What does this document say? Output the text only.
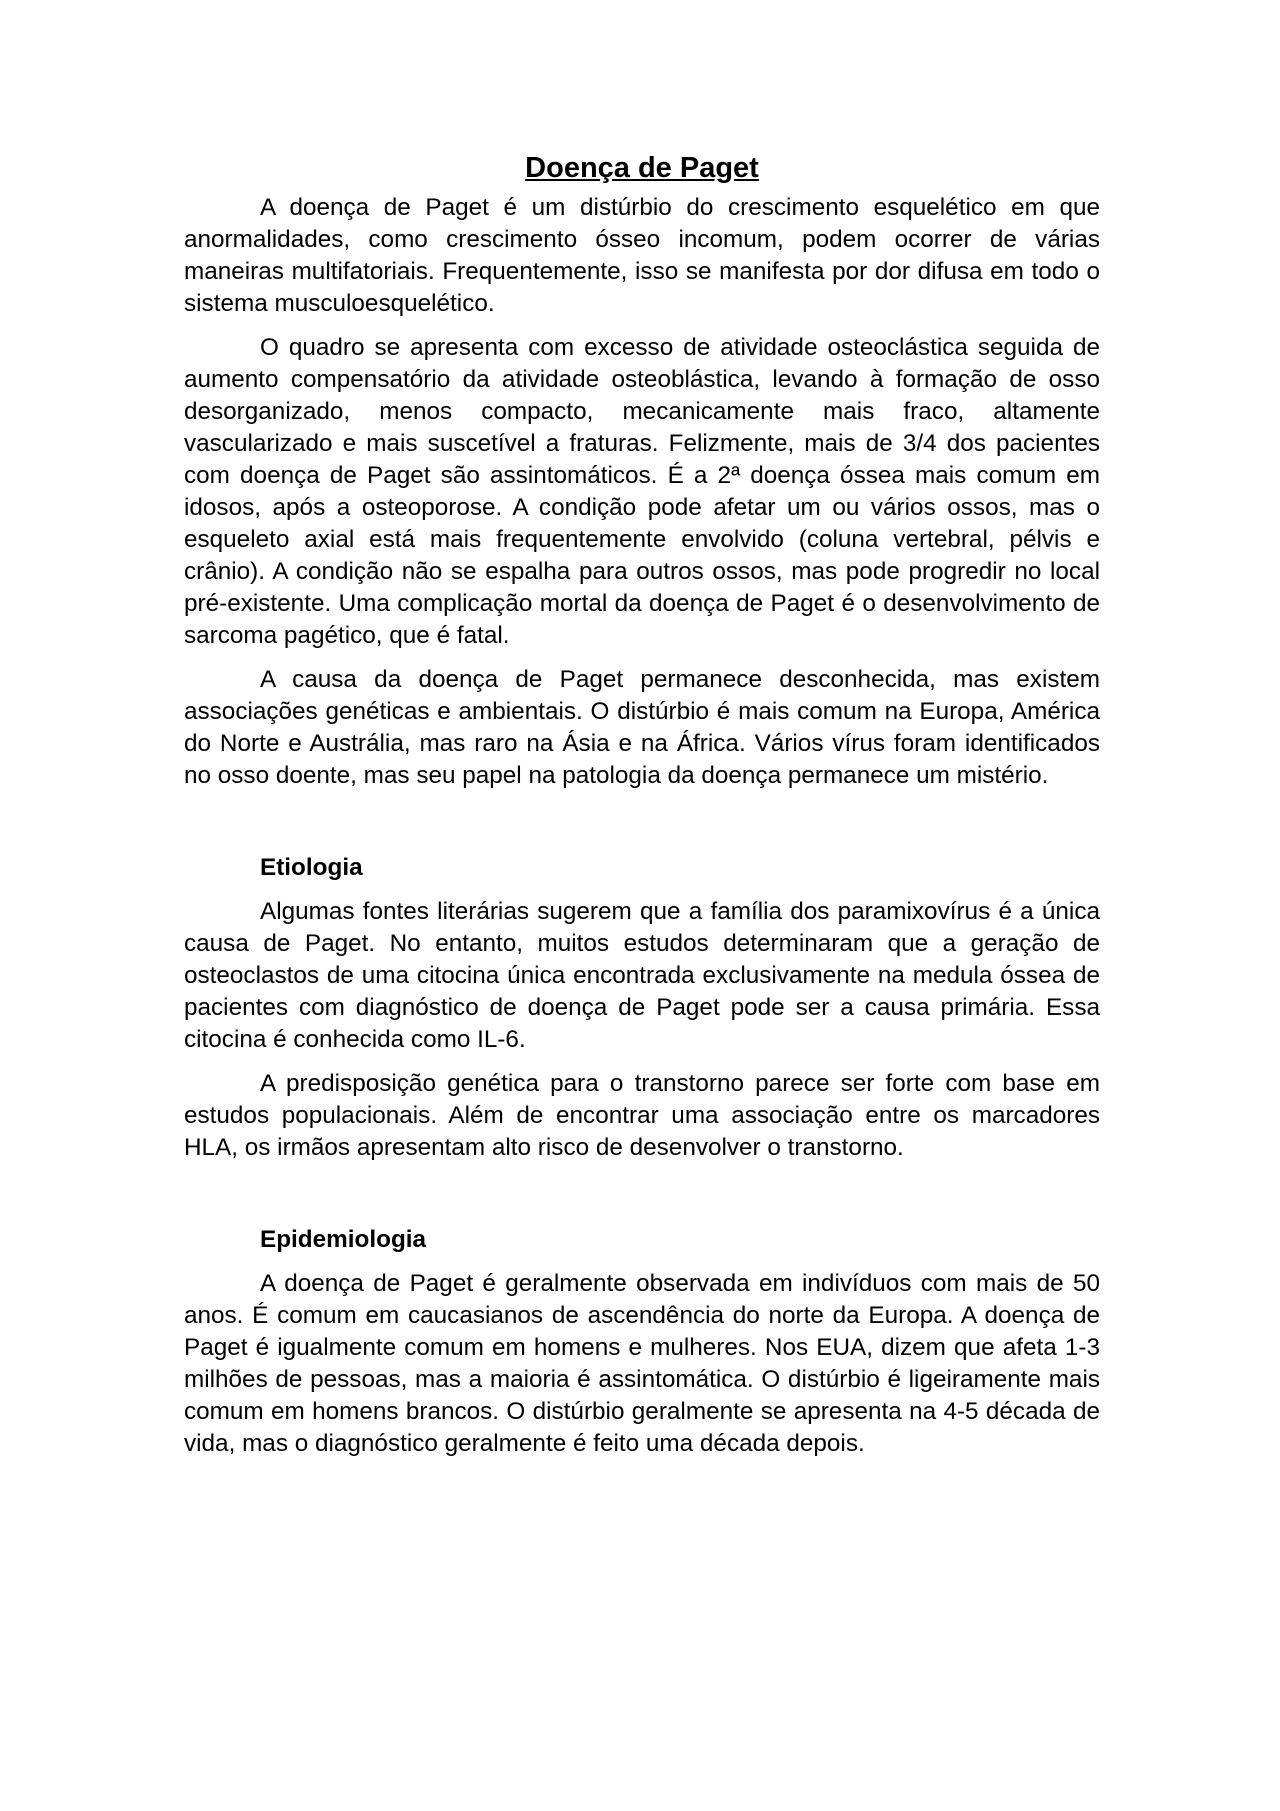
Doença de Paget

A doença de Paget é um distúrbio do crescimento esquelético em que anormalidades, como crescimento ósseo incomum, podem ocorrer de várias maneiras multifatoriais. Frequentemente, isso se manifesta por dor difusa em todo o sistema musculoesquelético.

O quadro se apresenta com excesso de atividade osteoclástica seguida de aumento compensatório da atividade osteoblástica, levando à formação de osso desorganizado, menos compacto, mecanicamente mais fraco, altamente vascularizado e mais suscetível a fraturas. Felizmente, mais de 3/4 dos pacientes com doença de Paget são assintomáticos. É a 2ª doença óssea mais comum em idosos, após a osteoporose. A condição pode afetar um ou vários ossos, mas o esqueleto axial está mais frequentemente envolvido (coluna vertebral, pélvis e crânio). A condição não se espalha para outros ossos, mas pode progredir no local pré-existente. Uma complicação mortal da doença de Paget é o desenvolvimento de sarcoma pagético, que é fatal.

A causa da doença de Paget permanece desconhecida, mas existem associações genéticas e ambientais. O distúrbio é mais comum na Europa, América do Norte e Austrália, mas raro na Ásia e na África. Vários vírus foram identificados no osso doente, mas seu papel na patologia da doença permanece um mistério.

Etiologia

Algumas fontes literárias sugerem que a família dos paramixovírus é a única causa de Paget. No entanto, muitos estudos determinaram que a geração de osteoclastos de uma citocina única encontrada exclusivamente na medula óssea de pacientes com diagnóstico de doença de Paget pode ser a causa primária. Essa citocina é conhecida como IL-6.

A predisposição genética para o transtorno parece ser forte com base em estudos populacionais. Além de encontrar uma associação entre os marcadores HLA, os irmãos apresentam alto risco de desenvolver o transtorno.

Epidemiologia

A doença de Paget é geralmente observada em indivíduos com mais de 50 anos. É comum em caucasianos de ascendência do norte da Europa. A doença de Paget é igualmente comum em homens e mulheres. Nos EUA, dizem que afeta 1-3 milhões de pessoas, mas a maioria é assintomática. O distúrbio é ligeiramente mais comum em homens brancos. O distúrbio geralmente se apresenta na 4-5 década de vida, mas o diagnóstico geralmente é feito uma década depois.
